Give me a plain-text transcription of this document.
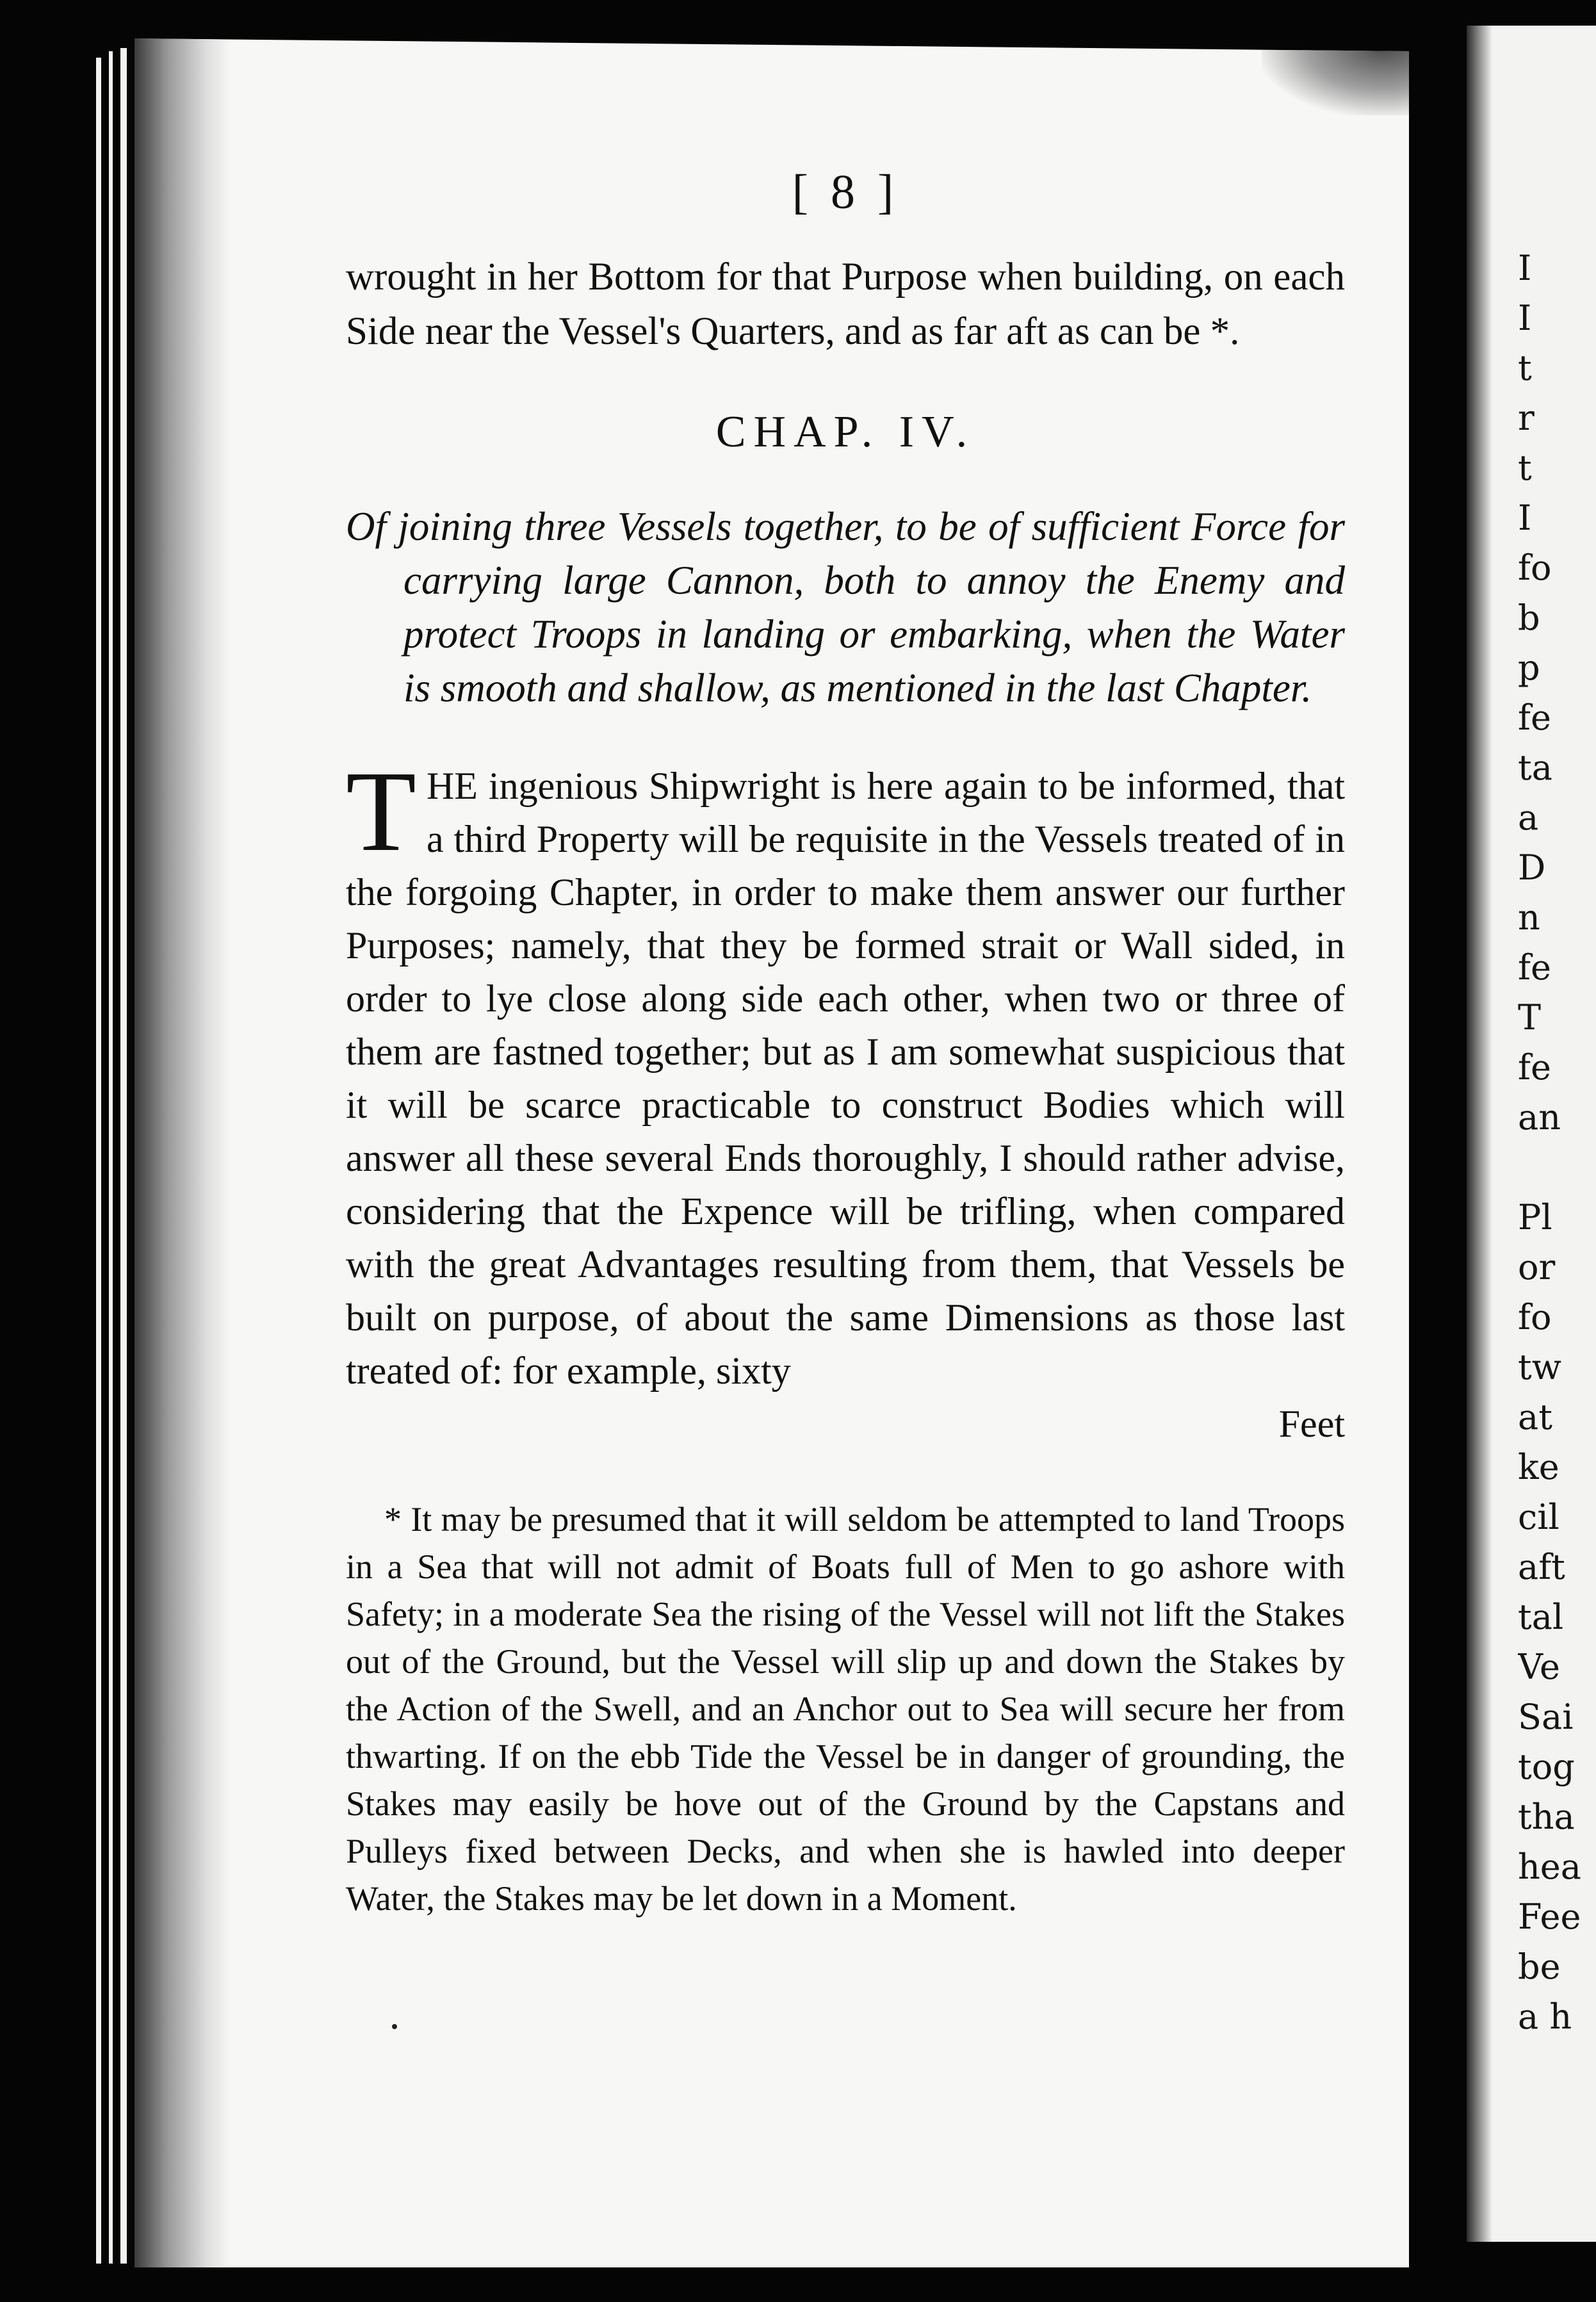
I
I
t
r
t
I
fo
b
p
fe
ta
a
D
n
fe
T
fe
an

Pl
or
fo
tw
at
ke
cil
aft
tal
Ve
Sai
tog
tha
hea
Fee
be
a h
[ 8 ]

wrought in her Bottom for that Purpose when building, on each Side near the Vessel's Quarters, and as far aft as can be *.

CHAP. IV.

Of joining three Vessels together, to be of sufficient Force for carrying large Cannon, both to annoy the Enemy and protect Troops in landing or embarking, when the Water is smooth and shallow, as mentioned in the last Chapter.

THE ingenious Shipwright is here again to be informed, that a third Property will be requisite in the Vessels treated of in the forgoing Chapter, in order to make them answer our further Purposes; namely, that they be formed strait or Wall sided, in order to lye close along side each other, when two or three of them are fastned together; but as I am somewhat suspicious that it will be scarce practicable to construct Bodies which will answer all these several Ends thoroughly, I should rather advise, considering that the Expence will be trifling, when compared with the great Advantages resulting from them, that Vessels be built on purpose, of about the same Dimensions as those last treated of: for example, sixty

Feet

* It may be presumed that it will seldom be attempted to land Troops in a Sea that will not admit of Boats full of Men to go ashore with Safety; in a moderate Sea the rising of the Vessel will not lift the Stakes out of the Ground, but the Vessel will slip up and down the Stakes by the Action of the Swell, and an Anchor out to Sea will secure her from thwarting. If on the ebb Tide the Vessel be in danger of grounding, the Stakes may easily be hove out of the Ground by the Capstans and Pulleys fixed between Decks, and when she is hawled into deeper Water, the Stakes may be let down in a Moment.
